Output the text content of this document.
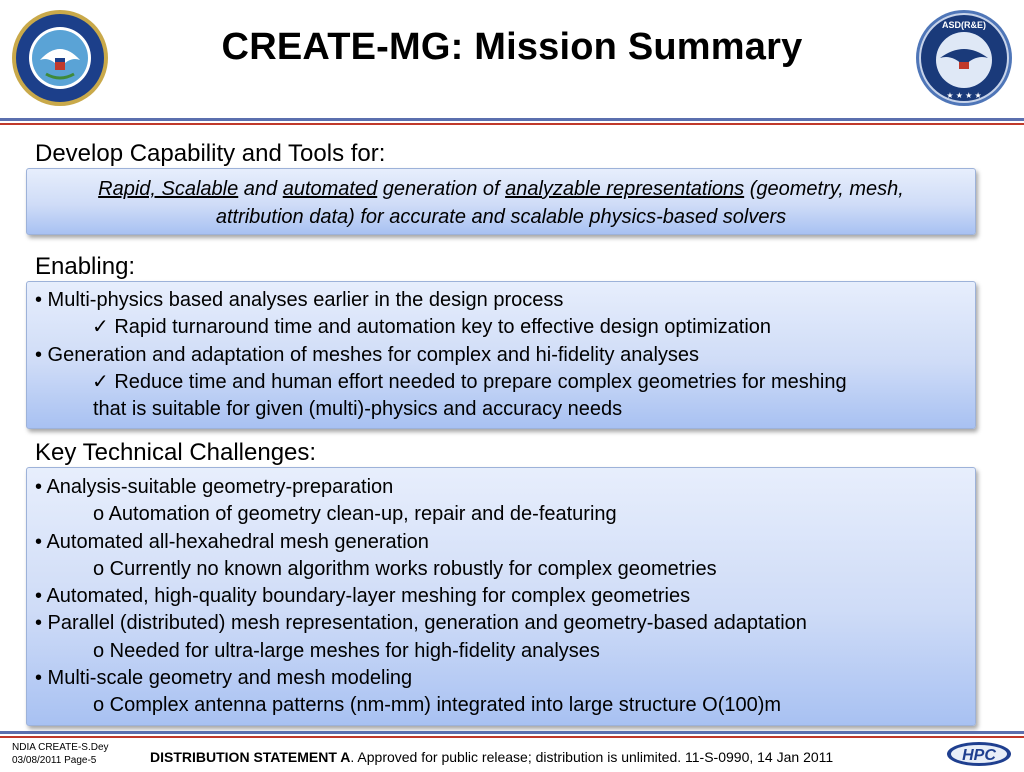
ASD(R&E)
★ ★ ★ ★
CREATE-MG: Mission Summary
Develop Capability and Tools for:
Rapid, Scalable and automated generation of analyzable representations (geometry, mesh,
attribution data) for accurate and scalable physics-based solvers
Enabling:
• Multi-physics based analyses earlier in the design process
✓ Rapid turnaround time and automation key to effective design optimization
• Generation and adaptation of meshes for complex and hi-fidelity analyses
✓ Reduce time and human effort needed to prepare complex geometries for meshing
that is suitable for given (multi)-physics and accuracy needs
Key Technical Challenges:
• Analysis-suitable geometry-preparation
o Automation of geometry clean-up, repair and de-featuring
• Automated all-hexahedral mesh generation
o Currently no known algorithm works robustly for complex geometries
• Automated, high-quality boundary-layer meshing for complex geometries
• Parallel (distributed) mesh representation, generation and geometry-based adaptation
o Needed for ultra-large meshes for high-fidelity analyses
• Multi-scale geometry and mesh modeling
o Complex antenna patterns (nm-mm) integrated into large structure O(100)m
NDIA CREATE-S.Dey
03/08/2011 Page-5	DISTRIBUTION STATEMENT A. Approved for public release; distribution is unlimited. 11-S-0990, 14 Jan 2011	HPC
